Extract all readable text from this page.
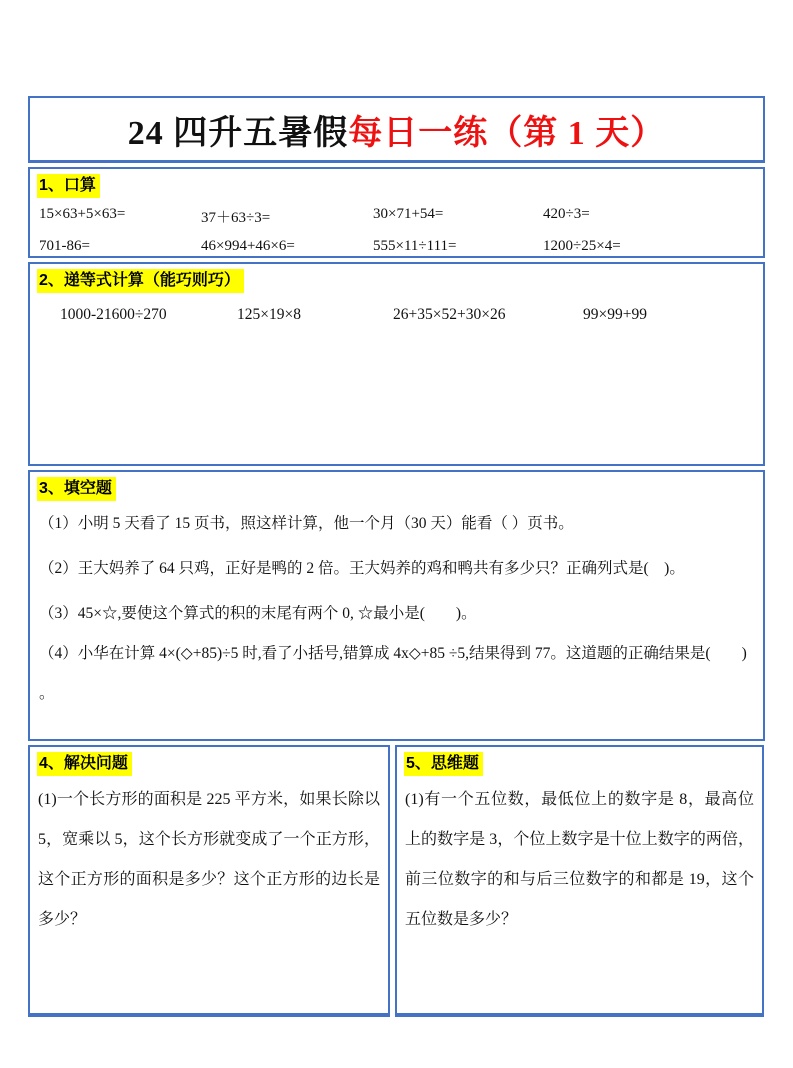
24 四升五暑假每日一练（第 1 天）
1、口算
15×63+5×63=	37＋63÷3=	30×71+54=	420÷3=
701-86=	46×994+46×6=	555×11÷111=	1200÷25×4=
2、递等式计算（能巧则巧）
1000-21600÷270	125×19×8	26+35×52+30×26	99×99+99
3、填空题
（1）小明 5 天看了 15 页书，照这样计算，他一个月（30 天）能看（ ）页书。
（2）王大妈养了 64 只鸡，正好是鸭的 2 倍。王大妈养的鸡和鸭共有多少只？正确列式是(　)。
（3）45×☆,要使这个算式的积的末尾有两个 0, ☆最小是(　　)。
（4）小华在计算 4×(◇+85)÷5 时,看了小括号,错算成 4x◇+85 ÷5,结果得到 77。这道题的正确结果是(　　) 。
4、解决问题

(1)一个长方形的面积是 225 平方米，如果长除以 5，宽乘以 5，这个长方形就变成了一个正方形，这个正方形的面积是多少？这个正方形的边长是多少？

5、思维题

(1)有一个五位数，最低位上的数字是 8，最高位上的数字是 3，个位上数字是十位上数字的两倍，前三位数字的和与后三位数字的和都是 19，这个五位数是多少？
